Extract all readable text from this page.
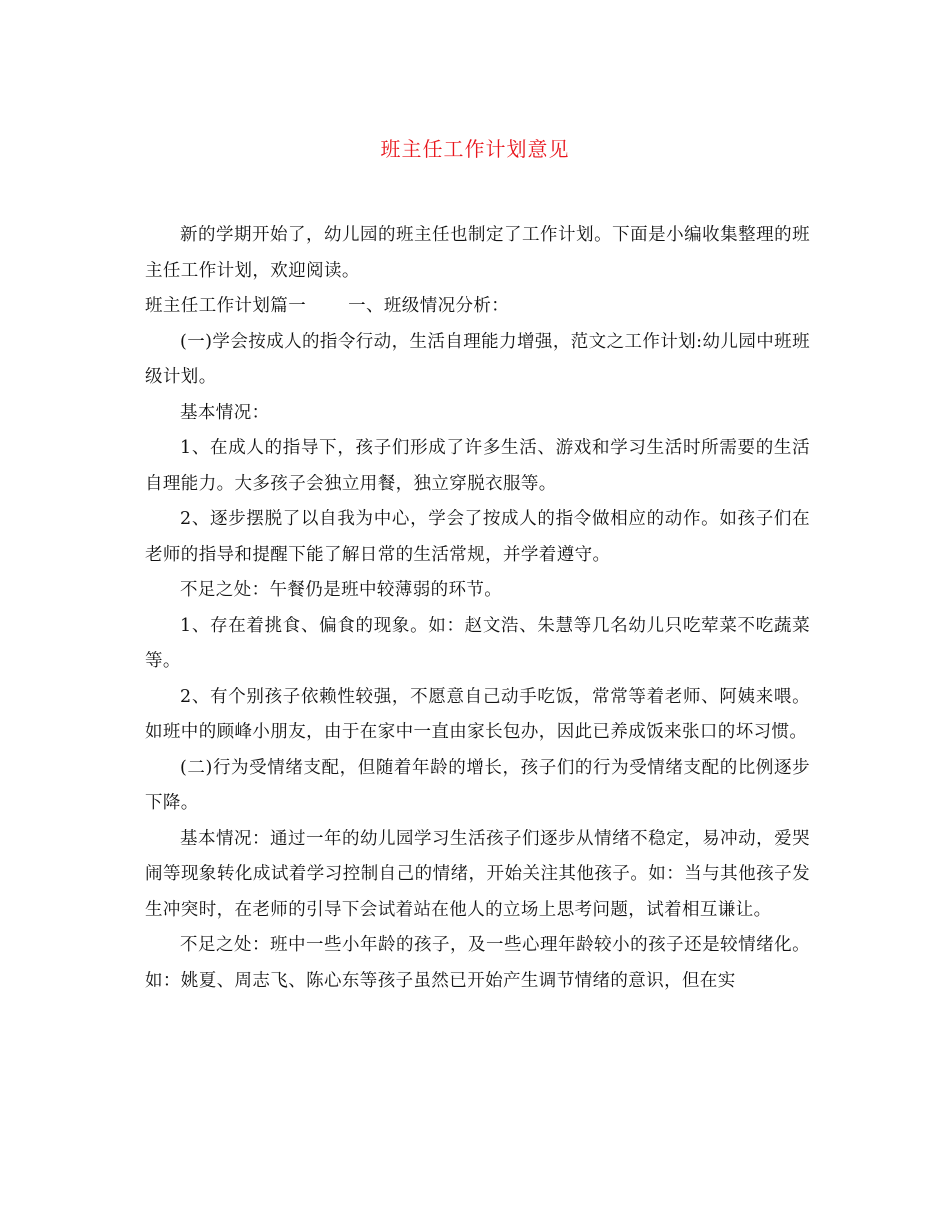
班主任工作计划意见

新的学期开始了，幼儿园的班主任也制定了工作计划。下面是小编收集整理的班主任工作计划，欢迎阅读。

班主任工作计划篇一 一、班级情况分析：

(一)学会按成人的指令行动，生活自理能力增强，范文之工作计划:幼儿园中班班级计划。

基本情况：

1、在成人的指导下，孩子们形成了许多生活、游戏和学习生活时所需要的生活自理能力。大多孩子会独立用餐，独立穿脱衣服等。

2、逐步摆脱了以自我为中心，学会了按成人的指令做相应的动作。如孩子们在老师的指导和提醒下能了解日常的生活常规，并学着遵守。

不足之处：午餐仍是班中较薄弱的环节。

1、存在着挑食、偏食的现象。如：赵文浩、朱慧等几名幼儿只吃荤菜不吃蔬菜等。

2、有个别孩子依赖性较强，不愿意自己动手吃饭，常常等着老师、阿姨来喂。如班中的顾峰小朋友，由于在家中一直由家长包办，因此已养成饭来张口的坏习惯。

(二)行为受情绪支配，但随着年龄的增长，孩子们的行为受情绪支配的比例逐步下降。

基本情况：通过一年的幼儿园学习生活孩子们逐步从情绪不稳定，易冲动，爱哭闹等现象转化成试着学习控制自己的情绪，开始关注其他孩子。如：当与其他孩子发生冲突时，在老师的引导下会试着站在他人的立场上思考问题，试着相互谦让。

不足之处：班中一些小年龄的孩子，及一些心理年龄较小的孩子还是较情绪化。如：姚夏、周志飞、陈心东等孩子虽然已开始产生调节情绪的意识，但在实
